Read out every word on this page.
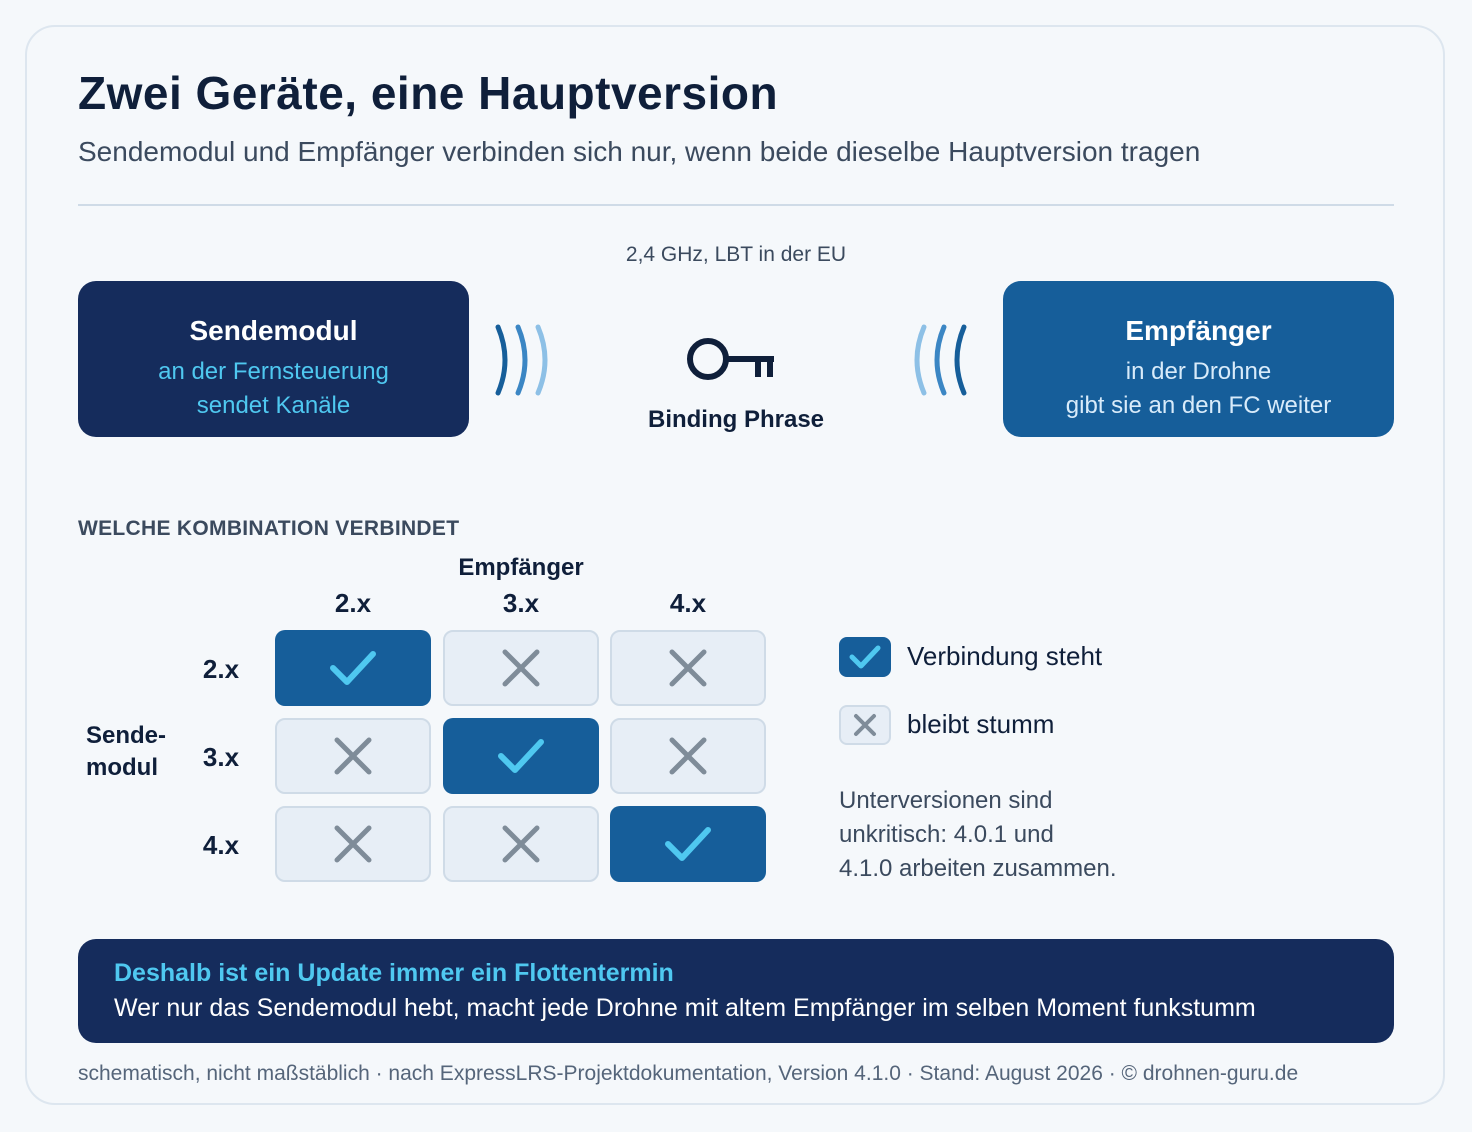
Zwei Geräte, eine Hauptversion
Sendemodul und Empfänger verbinden sich nur, wenn beide dieselbe Hauptversion tragen
2,4 GHz, LBT in der EU
Sendemodul
an der Fernsteuerung
sendet Kanäle
Binding Phrase
Empfänger
in der Drohne
gibt sie an den FC weiter
WELCHE KOMBINATION VERBINDET
Empfänger
2.x	3.x	4.x
Sende-
modul
2.x
3.x
4.x
Verbindung steht
bleibt stumm
Unterversionen sind
unkritisch: 4.0.1 und
4.1.0 arbeiten zusammen.
Deshalb ist ein Update immer ein Flottentermin
Wer nur das Sendemodul hebt, macht jede Drohne mit altem Empfänger im selben Moment funkstumm
schematisch, nicht maßstäblich · nach ExpressLRS-Projektdokumentation, Version 4.1.0 · Stand: August 2026 · © drohnen-guru.de
